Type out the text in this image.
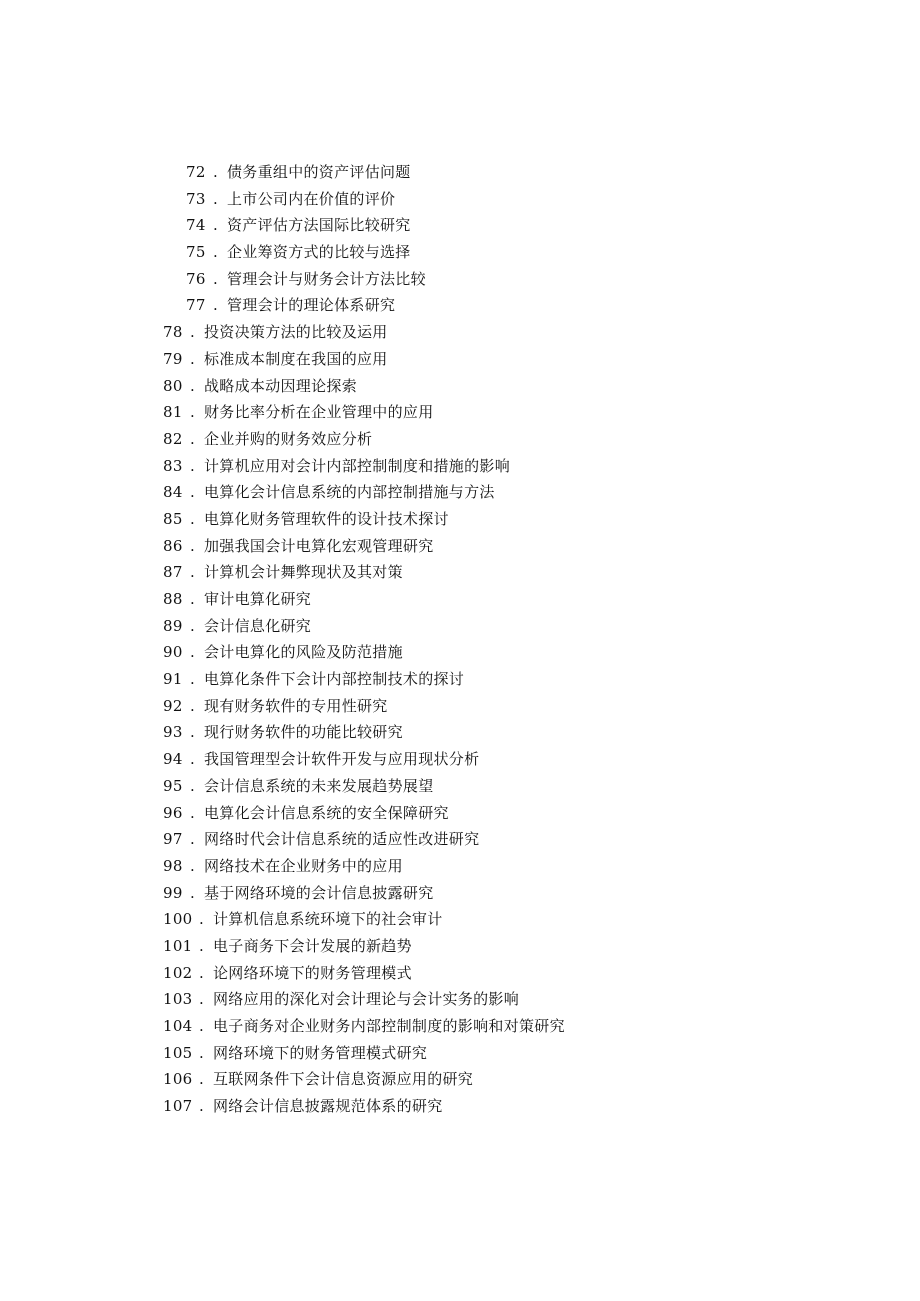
72 . 债务重组中的资产评估问题
73 . 上市公司内在价值的评价
74 . 资产评估方法国际比较研究
75 . 企业筹资方式的比较与选择
76 . 管理会计与财务会计方法比较
77 . 管理会计的理论体系研究
78 . 投资决策方法的比较及运用
79 . 标准成本制度在我国的应用
80 . 战略成本动因理论探索
81 . 财务比率分析在企业管理中的应用
82 . 企业并购的财务效应分析
83 . 计算机应用对会计内部控制制度和措施的影响
84 . 电算化会计信息系统的内部控制措施与方法
85 . 电算化财务管理软件的设计技术探讨
86 . 加强我国会计电算化宏观管理研究
87 . 计算机会计舞弊现状及其对策
88 . 审计电算化研究
89 . 会计信息化研究
90 . 会计电算化的风险及防范措施
91 . 电算化条件下会计内部控制技术的探讨
92 . 现有财务软件的专用性研究
93 . 现行财务软件的功能比较研究
94 . 我国管理型会计软件开发与应用现状分析
95 . 会计信息系统的未来发展趋势展望
96 . 电算化会计信息系统的安全保障研究
97 . 网络时代会计信息系统的适应性改进研究
98 . 网络技术在企业财务中的应用
99 . 基于网络环境的会计信息披露研究
100 . 计算机信息系统环境下的社会审计
101 . 电子商务下会计发展的新趋势
102 . 论网络环境下的财务管理模式
103 . 网络应用的深化对会计理论与会计实务的影响
104 . 电子商务对企业财务内部控制制度的影响和对策研究
105 . 网络环境下的财务管理模式研究
106 . 互联网条件下会计信息资源应用的研究
107 . 网络会计信息披露规范体系的研究
